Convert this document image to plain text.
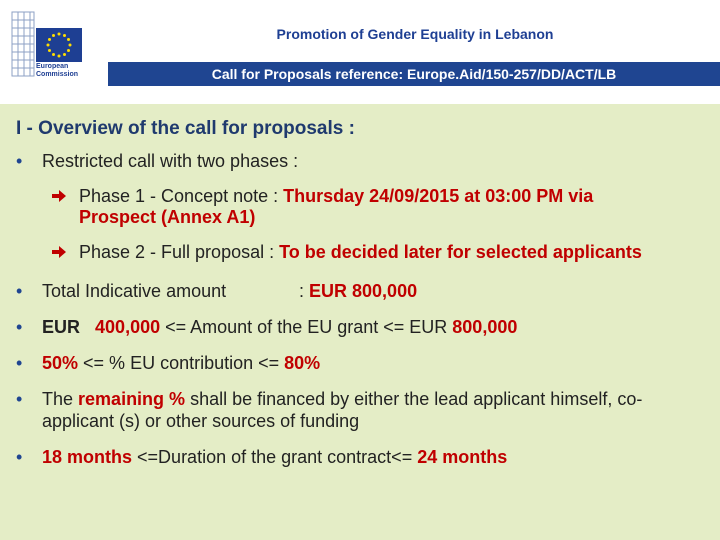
European
Commission
Promotion of Gender Equality in Lebanon
Call for Proposals reference: Europe.Aid/150-257/DD/ACT/LB
I - Overview of the call for proposals :
•	Restricted call with two phases :
Phase 1 - Concept note : Thursday 24/09/2015 at 03:00 PM via
Prospect (Annex A1)
Phase 2 - Full proposal : To be decided later for selected applicants
•	Total Indicative amount	: EUR 800,000
•	EUR   400,000 <= Amount of the EU grant <= EUR 800,000
•	50% <= % EU contribution <= 80%
•	The remaining % shall be financed by either the lead applicant himself, co-
applicant (s) or other sources of funding
•	18 months <=Duration of the grant contract<= 24 months
